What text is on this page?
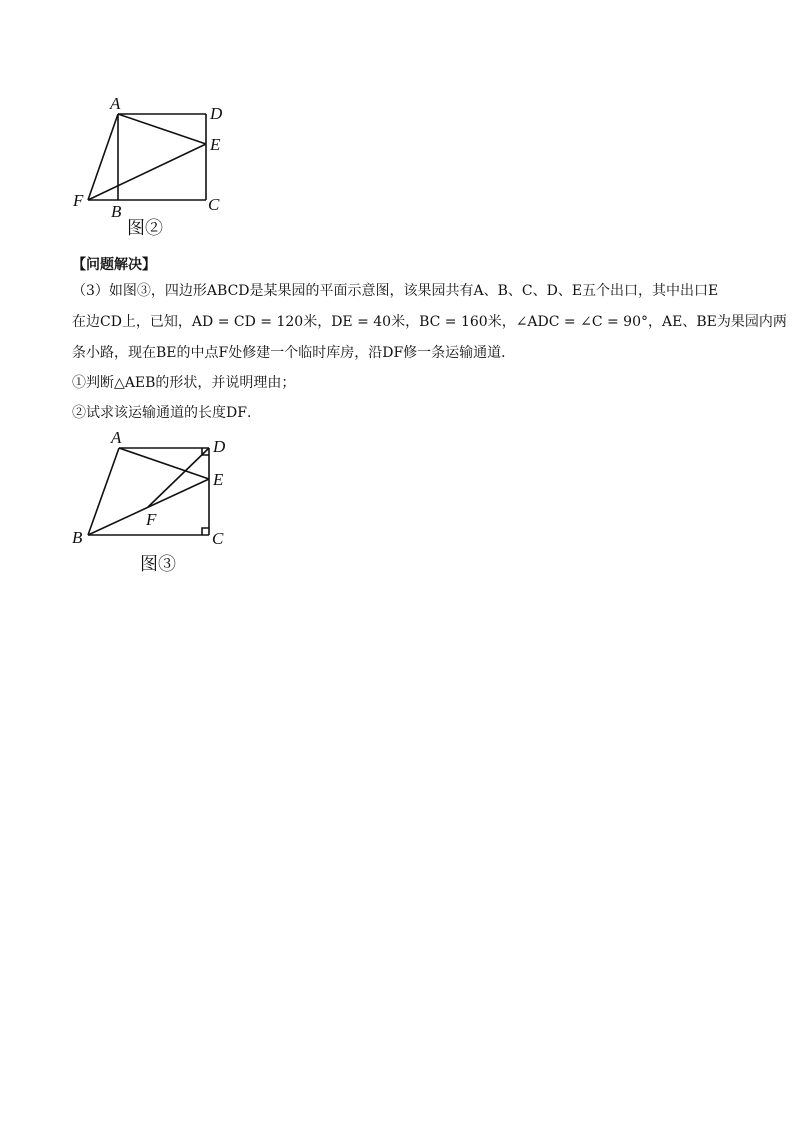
A
D
E
F
B	C
图②
A	D
E
F
B	C
图③
【问题解决】
（3）如图③，四边形ABCD是某果园的平面示意图，该果园共有A、B、C、D、E五个出口，其中出口E
在边CD上，已知，AD = CD = 120米，DE = 40米，BC = 160米，∠ADC = ∠C = 90°，AE、BE为果园内两
条小路，现在BE的中点F处修建一个临时库房，沿DF修一条运输通道．
①判断△AEB的形状，并说明理由；
②试求该运输通道的长度DF．
